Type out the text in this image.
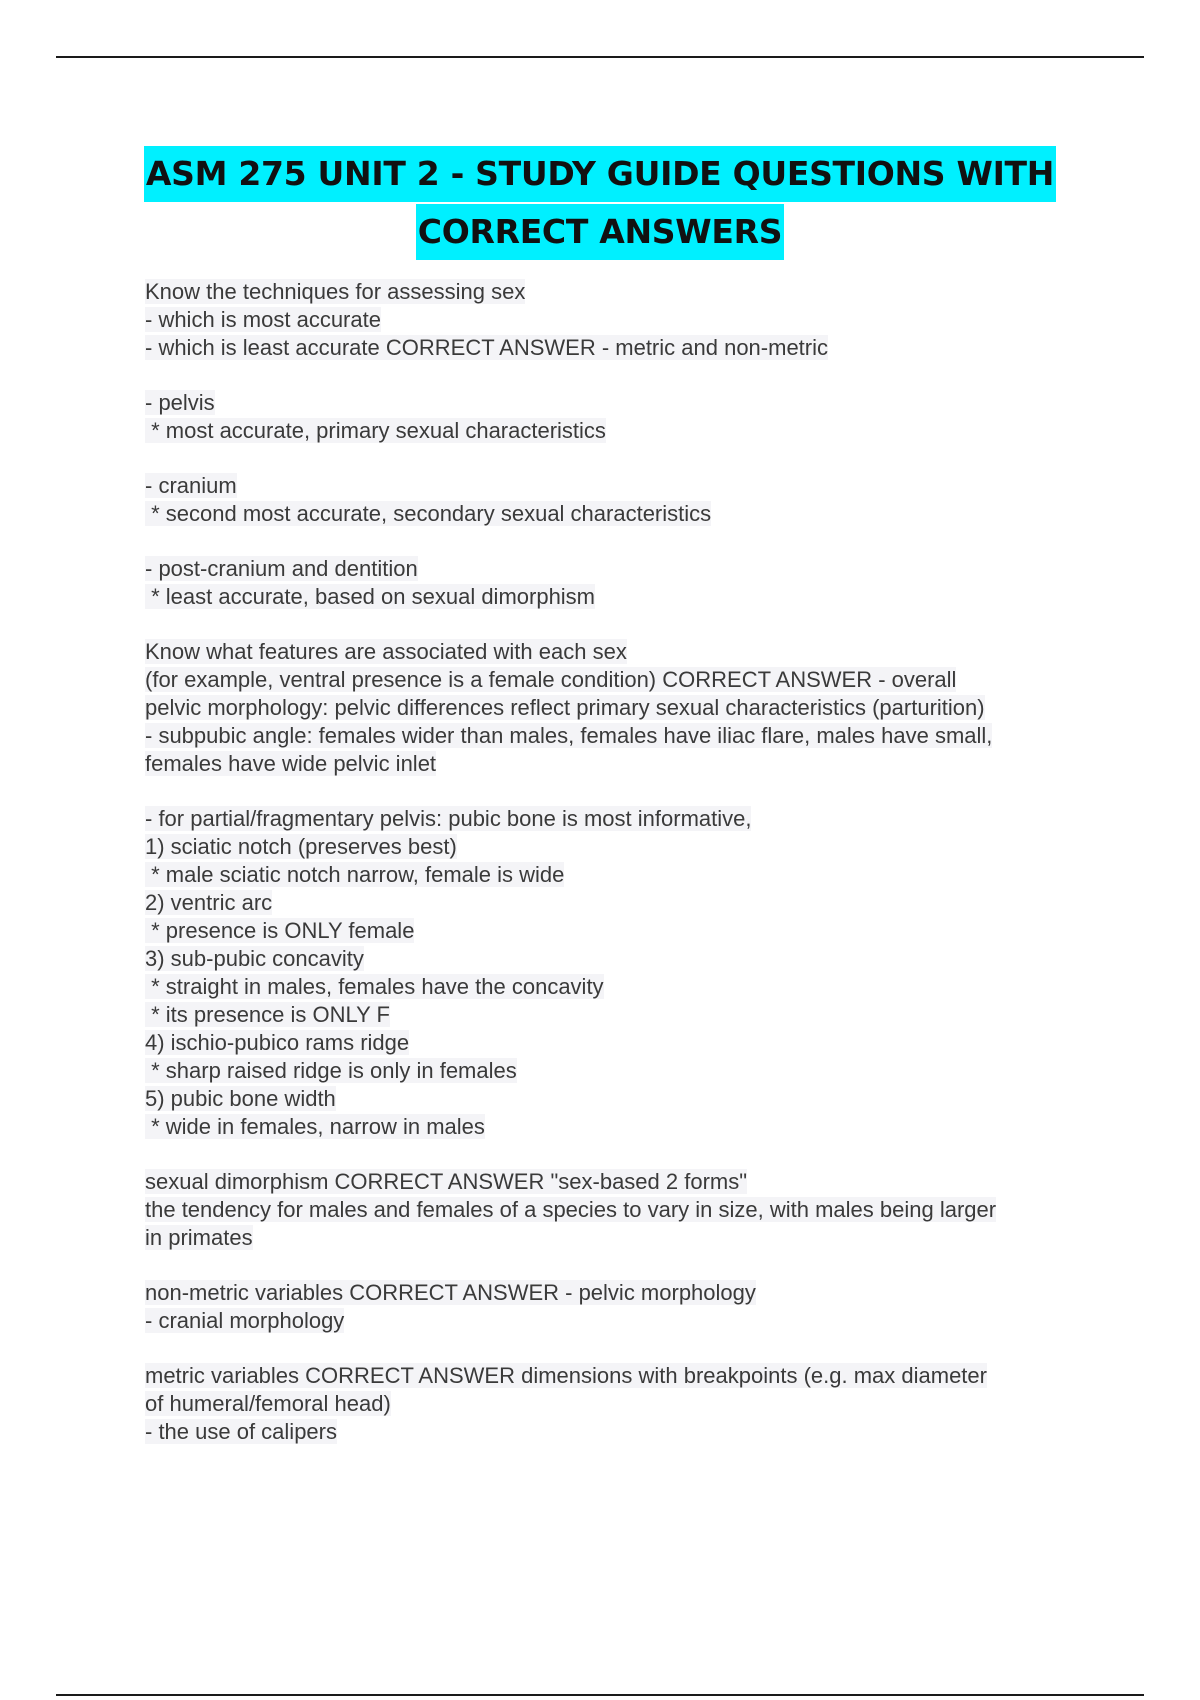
ASM 275 UNIT 2 - STUDY GUIDE QUESTIONS WITH
CORRECT ANSWERS
Know the techniques for assessing sex
- which is most accurate
- which is least accurate CORRECT ANSWER - metric and non-metric
- pelvis
* most accurate, primary sexual characteristics
- cranium
* second most accurate, secondary sexual characteristics
- post-cranium and dentition
* least accurate, based on sexual dimorphism
Know what features are associated with each sex
(for example, ventral presence is a female condition) CORRECT ANSWER - overall
pelvic morphology: pelvic differences reflect primary sexual characteristics (parturition)
- subpubic angle: females wider than males, females have iliac flare, males have small,
females have wide pelvic inlet
- for partial/fragmentary pelvis: pubic bone is most informative,
1) sciatic notch (preserves best)
* male sciatic notch narrow, female is wide
2) ventric arc
* presence is ONLY female
3) sub-pubic concavity
* straight in males, females have the concavity
* its presence is ONLY F
4) ischio-pubico rams ridge
* sharp raised ridge is only in females
5) pubic bone width
* wide in females, narrow in males
sexual dimorphism CORRECT ANSWER "sex-based 2 forms"
the tendency for males and females of a species to vary in size, with males being larger
in primates
non-metric variables CORRECT ANSWER - pelvic morphology
- cranial morphology
metric variables CORRECT ANSWER dimensions with breakpoints (e.g. max diameter
of humeral/femoral head)
- the use of calipers
